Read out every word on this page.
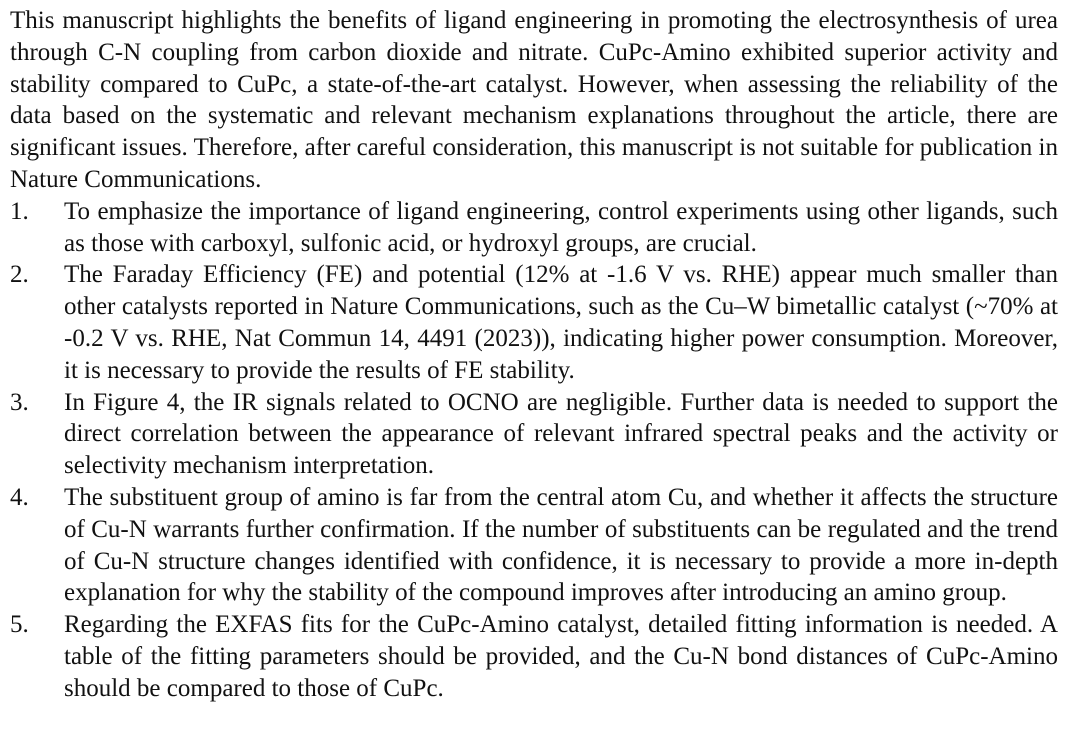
This manuscript highlights the benefits of ligand engineering in promoting the electrosynthesis of urea through C-N coupling from carbon dioxide and nitrate. CuPc-Amino exhibited superior activity and stability compared to CuPc, a state-of-the-art catalyst. However, when assessing the reliability of the data based on the systematic and relevant mechanism explanations throughout the article, there are significant issues. Therefore, after careful consideration, this manuscript is not suitable for publication in Nature Communications.

1.	To emphasize the importance of ligand engineering, control experiments using other ligands, such as those with carboxyl, sulfonic acid, or hydroxyl groups, are crucial.
2.	The Faraday Efficiency (FE) and potential (12% at -1.6 V vs. RHE) appear much smaller than other catalysts reported in Nature Communications, such as the Cu–W bimetallic catalyst (~70% at -0.2 V vs. RHE, Nat Commun 14, 4491 (2023)), indicating higher power consumption. Moreover, it is necessary to provide the results of FE stability.
3.	In Figure 4, the IR signals related to OCNO are negligible. Further data is needed to support the direct correlation between the appearance of relevant infrared spectral peaks and the activity or selectivity mechanism interpretation.
4.	The substituent group of amino is far from the central atom Cu, and whether it affects the structure of Cu-N warrants further confirmation. If the number of substituents can be regulated and the trend of Cu-N structure changes identified with confidence, it is necessary to provide a more in-depth explanation for why the stability of the compound improves after introducing an amino group.
5.	Regarding the EXFAS fits for the CuPc-Amino catalyst, detailed fitting information is needed. A table of the fitting parameters should be provided, and the Cu-N bond distances of CuPc-Amino should be compared to those of CuPc.
